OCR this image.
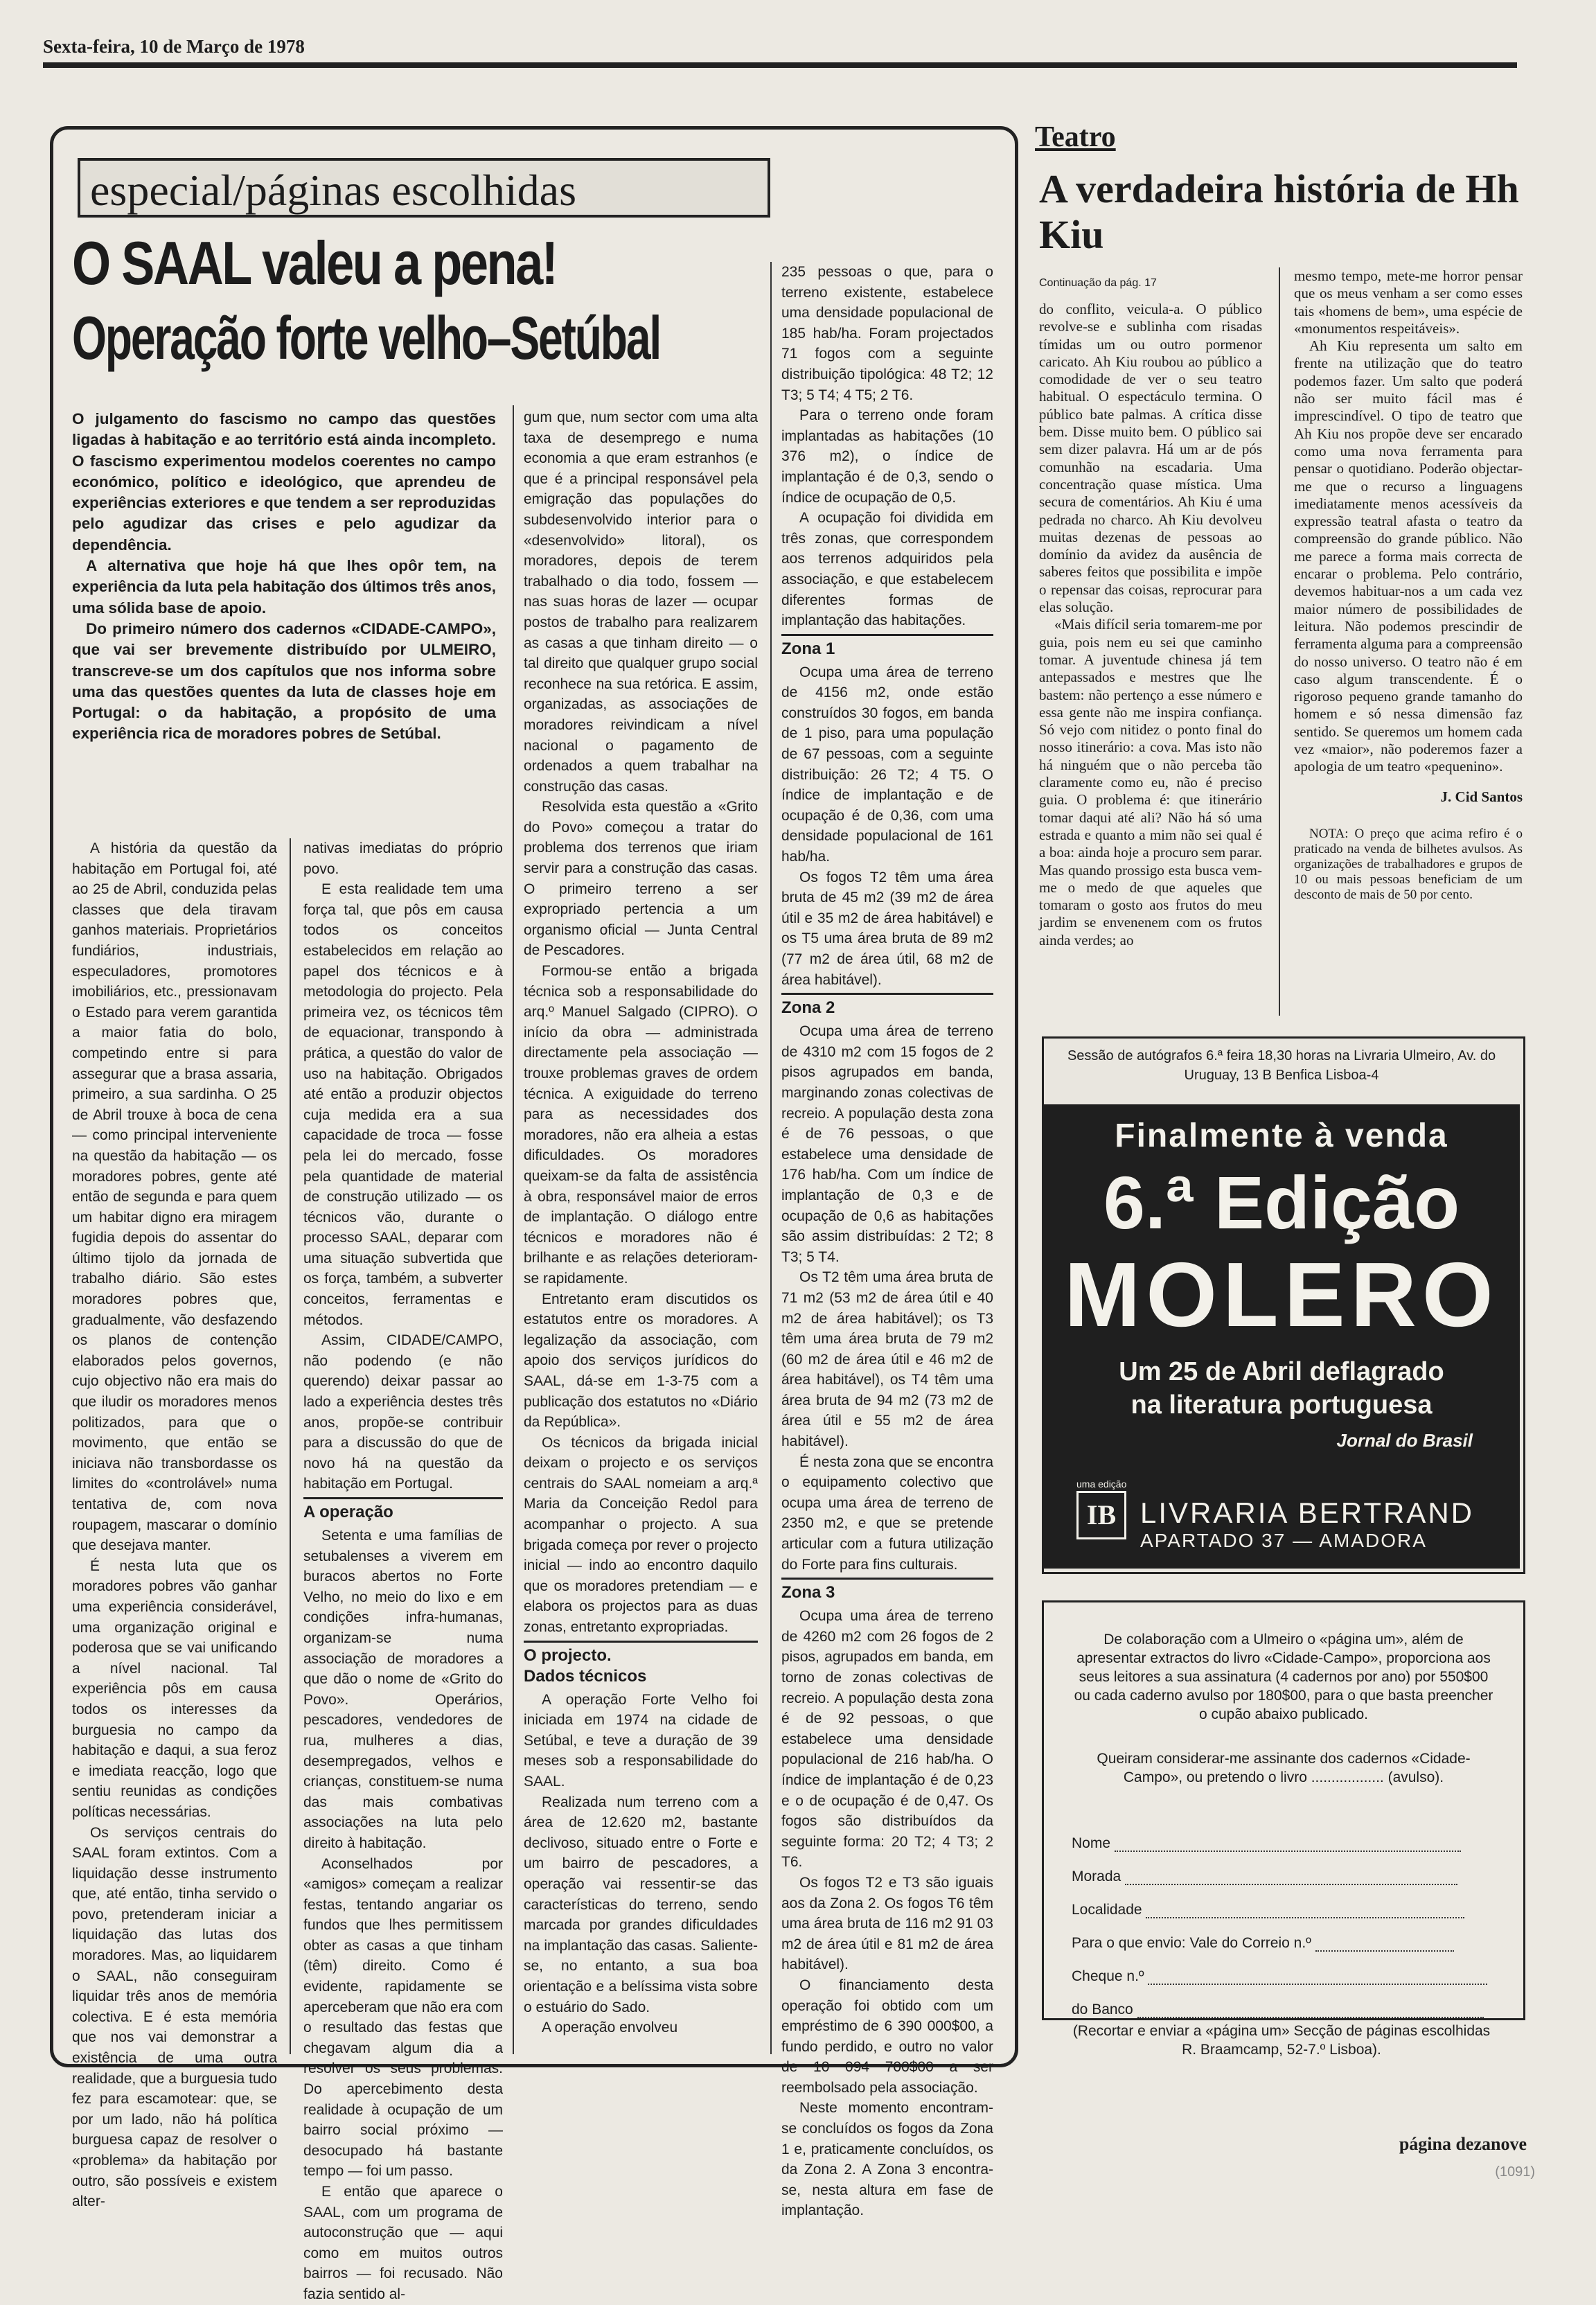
Sexta-feira, 10 de Março de 1978
especial/páginas escolhidas
O SAAL valeu a pena!
Operação forte velho–Setúbal

O julgamento do fascismo no campo das questões ligadas à habitação e ao território está ainda incompleto. O fascismo experimentou modelos coerentes no campo económico, político e ideológico, que aprendeu de experiências exteriores e que tendem a ser reproduzidas pelo agudizar das crises e pelo agudizar da dependência.

A alternativa que hoje há que lhes opôr tem, na experiência da luta pela habitação dos últimos três anos, uma sólida base de apoio.

Do primeiro número dos cadernos «CIDADE-CAMPO», que vai ser brevemente distribuído por ULMEIRO, transcreve-se um dos capítulos que nos informa sobre uma das questões quentes da luta de classes hoje em Portugal: o da habitação, a propósito de uma experiência rica de moradores pobres de Setúbal.

A história da questão da habitação em Portugal foi, até ao 25 de Abril, conduzida pelas classes que dela tiravam ganhos materiais. Proprietários fundiários, industriais, especuladores, promotores imobiliários, etc., pressionavam o Estado para verem garantida a maior fatia do bolo, competindo entre si para assegurar que a brasa assaria, primeiro, a sua sardinha. O 25 de Abril trouxe à boca de cena — como principal interveniente na questão da habitação — os moradores pobres, gente até então de segunda e para quem um habitar digno era miragem fugidia depois do assentar do último tijolo da jornada de trabalho diário. São estes moradores pobres que, gradualmente, vão desfazendo os planos de contenção elaborados pelos governos, cujo objectivo não era mais do que iludir os moradores menos politizados, para que o movimento, que então se iniciava não transbordasse os limites do «controlável» numa tentativa de, com nova roupagem, mascarar o domínio que desejava manter.

É nesta luta que os moradores pobres vão ganhar uma experiência considerável, uma organização original e poderosa que se vai unificando a nível nacional. Tal experiência pôs em causa todos os interesses da burguesia no campo da habitação e daqui, a sua feroz e imediata reacção, logo que sentiu reunidas as condições políticas necessárias.

Os serviços centrais do SAAL foram extintos. Com a liquidação desse instrumento que, até então, tinha servido o povo, pretenderam iniciar a liquidação das lutas dos moradores. Mas, ao liquidarem o SAAL, não conseguiram liquidar três anos de memória colectiva. E é esta memória que nos vai demonstrar a existência de uma outra realidade, que a burguesia tudo fez para escamotear: que, se por um lado, não há política burguesa capaz de resolver o «problema» da habitação por outro, são possíveis e existem alter-

nativas imediatas do próprio povo.

E esta realidade tem uma força tal, que pôs em causa todos os conceitos estabelecidos em relação ao papel dos técnicos e à metodologia do projecto. Pela primeira vez, os técnicos têm de equacionar, transpondo à prática, a questão do valor de uso na habitação. Obrigados até então a produzir objectos cuja medida era a sua capacidade de troca — fosse pela lei do mercado, fosse pela quantidade de material de construção utilizado — os técnicos vão, durante o processo SAAL, deparar com uma situação subvertida que os força, também, a subverter conceitos, ferramentas e métodos.

Assim, CIDADE/CAMPO, não podendo (e não querendo) deixar passar ao lado a experiência destes três anos, propõe-se contribuir para a discussão do que de novo há na questão da habitação em Portugal.

A operação

Setenta e uma famílias de setubalenses a viverem em buracos abertos no Forte Velho, no meio do lixo e em condições infra-humanas, organizam-se numa associação de moradores a que dão o nome de «Grito do Povo». Operários, pescadores, vendedores de rua, mulheres a dias, desempregados, velhos e crianças, constituem-se numa das mais combativas associações na luta pelo direito à habitação.

Aconselhados por «amigos» começam a realizar festas, tentando angariar os fundos que lhes permitissem obter as casas a que tinham (têm) direito. Como é evidente, rapidamente se aperceberam que não era com o resultado das festas que chegavam algum dia a resolver os seus problemas. Do apercebimento desta realidade à ocupação de um bairro social próximo — desocupado há bastante tempo — foi um passo.

E então que aparece o SAAL, com um programa de autoconstrução que — aqui como em muitos outros bairros — foi recusado. Não fazia sentido al-

gum que, num sector com uma alta taxa de desemprego e numa economia a que eram estranhos (e que é a principal responsável pela emigração das populações do subdesenvolvido interior para o «desenvolvido» litoral), os moradores, depois de terem trabalhado o dia todo, fossem — nas suas horas de lazer — ocupar postos de trabalho para realizarem as casas a que tinham direito — o tal direito que qualquer grupo social reconhece na sua retórica. E assim, organizadas, as associações de moradores reivindicam a nível nacional o pagamento de ordenados a quem trabalhar na construção das casas.

Resolvida esta questão a «Grito do Povo» começou a tratar do problema dos terrenos que iriam servir para a construção das casas. O primeiro terreno a ser expropriado pertencia a um organismo oficial — Junta Central de Pescadores.

Formou-se então a brigada técnica sob a responsabilidade do arq.º Manuel Salgado (CIPRO). O início da obra — administrada directamente pela associação — trouxe problemas graves de ordem técnica. A exiguidade do terreno para as necessidades dos moradores, não era alheia a estas dificuldades. Os moradores queixam-se da falta de assistência à obra, responsável maior de erros de implantação. O diálogo entre técnicos e moradores não é brilhante e as relações deterioram-se rapidamente.

Entretanto eram discutidos os estatutos entre os moradores. A legalização da associação, com apoio dos serviços jurídicos do SAAL, dá-se em 1-3-75 com a publicação dos estatutos no «Diário da República».

Os técnicos da brigada inicial deixam o projecto e os serviços centrais do SAAL nomeiam a arq.ª Maria da Conceição Redol para acompanhar o projecto. A sua brigada começa por rever o projecto inicial — indo ao encontro daquilo que os moradores pretendiam — e elabora os projectos para as duas zonas, entretanto expropriadas.

O projecto.
Dados técnicos

A operação Forte Velho foi iniciada em 1974 na cidade de Setúbal, e teve a duração de 39 meses sob a responsabilidade do SAAL.

Realizada num terreno com a área de 12.620 m2, bastante declivoso, situado entre o Forte e um bairro de pescadores, a operação vai ressentir-se das características do terreno, sendo marcada por grandes dificuldades na implantação das casas. Saliente-se, no entanto, a sua boa orientação e a belíssima vista sobre o estuário do Sado.

A operação envolveu

235 pessoas o que, para o terreno existente, estabelece uma densidade populacional de 185 hab/ha. Foram projectados 71 fogos com a seguinte distribuição tipológica: 48 T2; 12 T3; 5 T4; 4 T5; 2 T6.

Para o terreno onde foram implantadas as habitações (10 376 m2), o índice de implantação é de 0,3, sendo o índice de ocupação de 0,5.

A ocupação foi dividida em três zonas, que correspondem aos terrenos adquiridos pela associação, e que estabelecem diferentes formas de implantação das habitações.

Zona 1

Ocupa uma área de terreno de 4156 m2, onde estão construídos 30 fogos, em banda de 1 piso, para uma população de 67 pessoas, com a seguinte distribuição: 26 T2; 4 T5. O índice de implantação e de ocupação é de 0,36, com uma densidade populacional de 161 hab/ha.

Os fogos T2 têm uma área bruta de 45 m2 (39 m2 de área útil e 35 m2 de área habitável) e os T5 uma área bruta de 89 m2 (77 m2 de área útil, 68 m2 de área habitável).

Zona 2

Ocupa uma área de terreno de 4310 m2 com 15 fogos de 2 pisos agrupados em banda, marginando zonas colectivas de recreio. A população desta zona é de 76 pessoas, o que estabelece uma densidade de 176 hab/ha. Com um índice de implantação de 0,3 e de ocupação de 0,6 as habitações são assim distribuídas: 2 T2; 8 T3; 5 T4.

Os T2 têm uma área bruta de 71 m2 (53 m2 de área útil e 40 m2 de área habitável); os T3 têm uma área bruta de 79 m2 (60 m2 de área útil e 46 m2 de área habitável), os T4 têm uma área bruta de 94 m2 (73 m2 de área útil e 55 m2 de área habitável).

É nesta zona que se encontra o equipamento colectivo que ocupa uma área de terreno de 2350 m2, e que se pretende articular com a futura utilização do Forte para fins culturais.

Zona 3

Ocupa uma área de terreno de 4260 m2 com 26 fogos de 2 pisos, agrupados em banda, em torno de zonas colectivas de recreio. A população desta zona é de 92 pessoas, o que estabelece uma densidade populacional de 216 hab/ha. O índice de implantação é de 0,23 e o de ocupação é de 0,47. Os fogos são distribuídos da seguinte forma: 20 T2; 4 T3; 2 T6.

Os fogos T2 e T3 são iguais aos da Zona 2. Os fogos T6 têm uma área bruta de 116 m2 91 03 m2 de área útil e 81 m2 de área habitável).

O financiamento desta operação foi obtido com um empréstimo de 6 390 000$00, a fundo perdido, e outro no valor de 10 094 700$00 a ser reembolsado pela associação.

Neste momento encontram-se concluídos os fogos da Zona 1 e, praticamente concluídos, os da Zona 2. A Zona 3 encontra-se, nesta altura em fase de implantação.

Teatro
A verdadeira história de Hh Kiu
Continuação da pág. 17

do conflito, veicula-a. O público revolve-se e sublinha com risadas tímidas um ou outro pormenor caricato. Ah Kiu roubou ao público a comodidade de ver o seu teatro habitual. O espectáculo termina. O público bate palmas. A crítica disse bem. Disse muito bem. O público sai sem dizer palavra. Há um ar de pós comunhão na escadaria. Uma concentração quase mística. Uma secura de comentários. Ah Kiu é uma pedrada no charco. Ah Kiu devolveu muitas dezenas de pessoas ao domínio da avidez da ausência de saberes feitos que possibilita e impõe o repensar das coisas, reprocurar para elas solução.

«Mais difícil seria tomarem-me por guia, pois nem eu sei que caminho tomar. A juventude chinesa já tem antepassados e mestres que lhe bastem: não pertenço a esse número e essa gente não me inspira confiança. Só vejo com nitidez o ponto final do nosso itinerário: a cova. Mas isto não há ninguém que o não perceba tão claramente como eu, não é preciso guia. O problema é: que itinerário tomar daqui até ali? Não há só uma estrada e quanto a mim não sei qual é a boa: ainda hoje a procuro sem parar. Mas quando prossigo esta busca vem-me o medo de que aqueles que tomaram o gosto aos frutos do meu jardim se envenenem com os frutos ainda verdes; ao

mesmo tempo, mete-me horror pensar que os meus venham a ser como esses tais «homens de bem», uma espécie de «monumentos respeitáveis».

Ah Kiu representa um salto em frente na utilização que do teatro podemos fazer. Um salto que poderá não ser muito fácil mas é imprescindível. O tipo de teatro que Ah Kiu nos propõe deve ser encarado como uma nova ferramenta para pensar o quotidiano. Poderão objectar-me que o recurso a linguagens imediatamente menos acessíveis da expressão teatral afasta o teatro da compreensão do grande público. Não me parece a forma mais correcta de encarar o problema. Pelo contrário, devemos habituar-nos a um cada vez maior número de possibilidades de leitura. Não podemos prescindir de ferramenta alguma para a compreensão do nosso universo. O teatro não é em caso algum transcendente. É o rigoroso pequeno grande tamanho do homem e só nessa dimensão faz sentido. Se queremos um homem cada vez «maior», não poderemos fazer a apologia de um teatro «pequenino».

J. Cid Santos

NOTA: O preço que acima refiro é o praticado na venda de bilhetes avulsos. As organizações de trabalhadores e grupos de 10 ou mais pessoas beneficiam de um desconto de mais de 50 por cento.

Sessão de autógrafos 6.ª feira 18,30 horas na Livraria Ulmeiro, Av. do Uruguay, 13 B Benfica Lisboa-4
Finalmente à venda
6.ª Edição
MOLERO
Um 25 de Abril deflagrado
na literatura portuguesa
Jornal do Brasil
uma edição
IB LIVRARIA BERTRAND
APARTADO 37 — AMADORA
De colaboração com a Ulmeiro o «página um», além de apresentar extractos do livro «Cidade-Campo», proporciona aos seus leitores a sua assinatura (4 cadernos por ano) por 550$00 ou cada caderno avulso por 180$00, para o que basta preencher o cupão abaixo publicado.
Queiram considerar-me assinante dos cadernos «Cidade-Campo», ou pretendo o livro .................. (avulso).
Nome
Morada
Localidade
Para o que envio: Vale do Correio n.º
Cheque n.º
do Banco
(Recortar e enviar a «página um» Secção de páginas escolhidas R. Braamcamp, 52-7.º Lisboa).
página dezanove
(1091)
